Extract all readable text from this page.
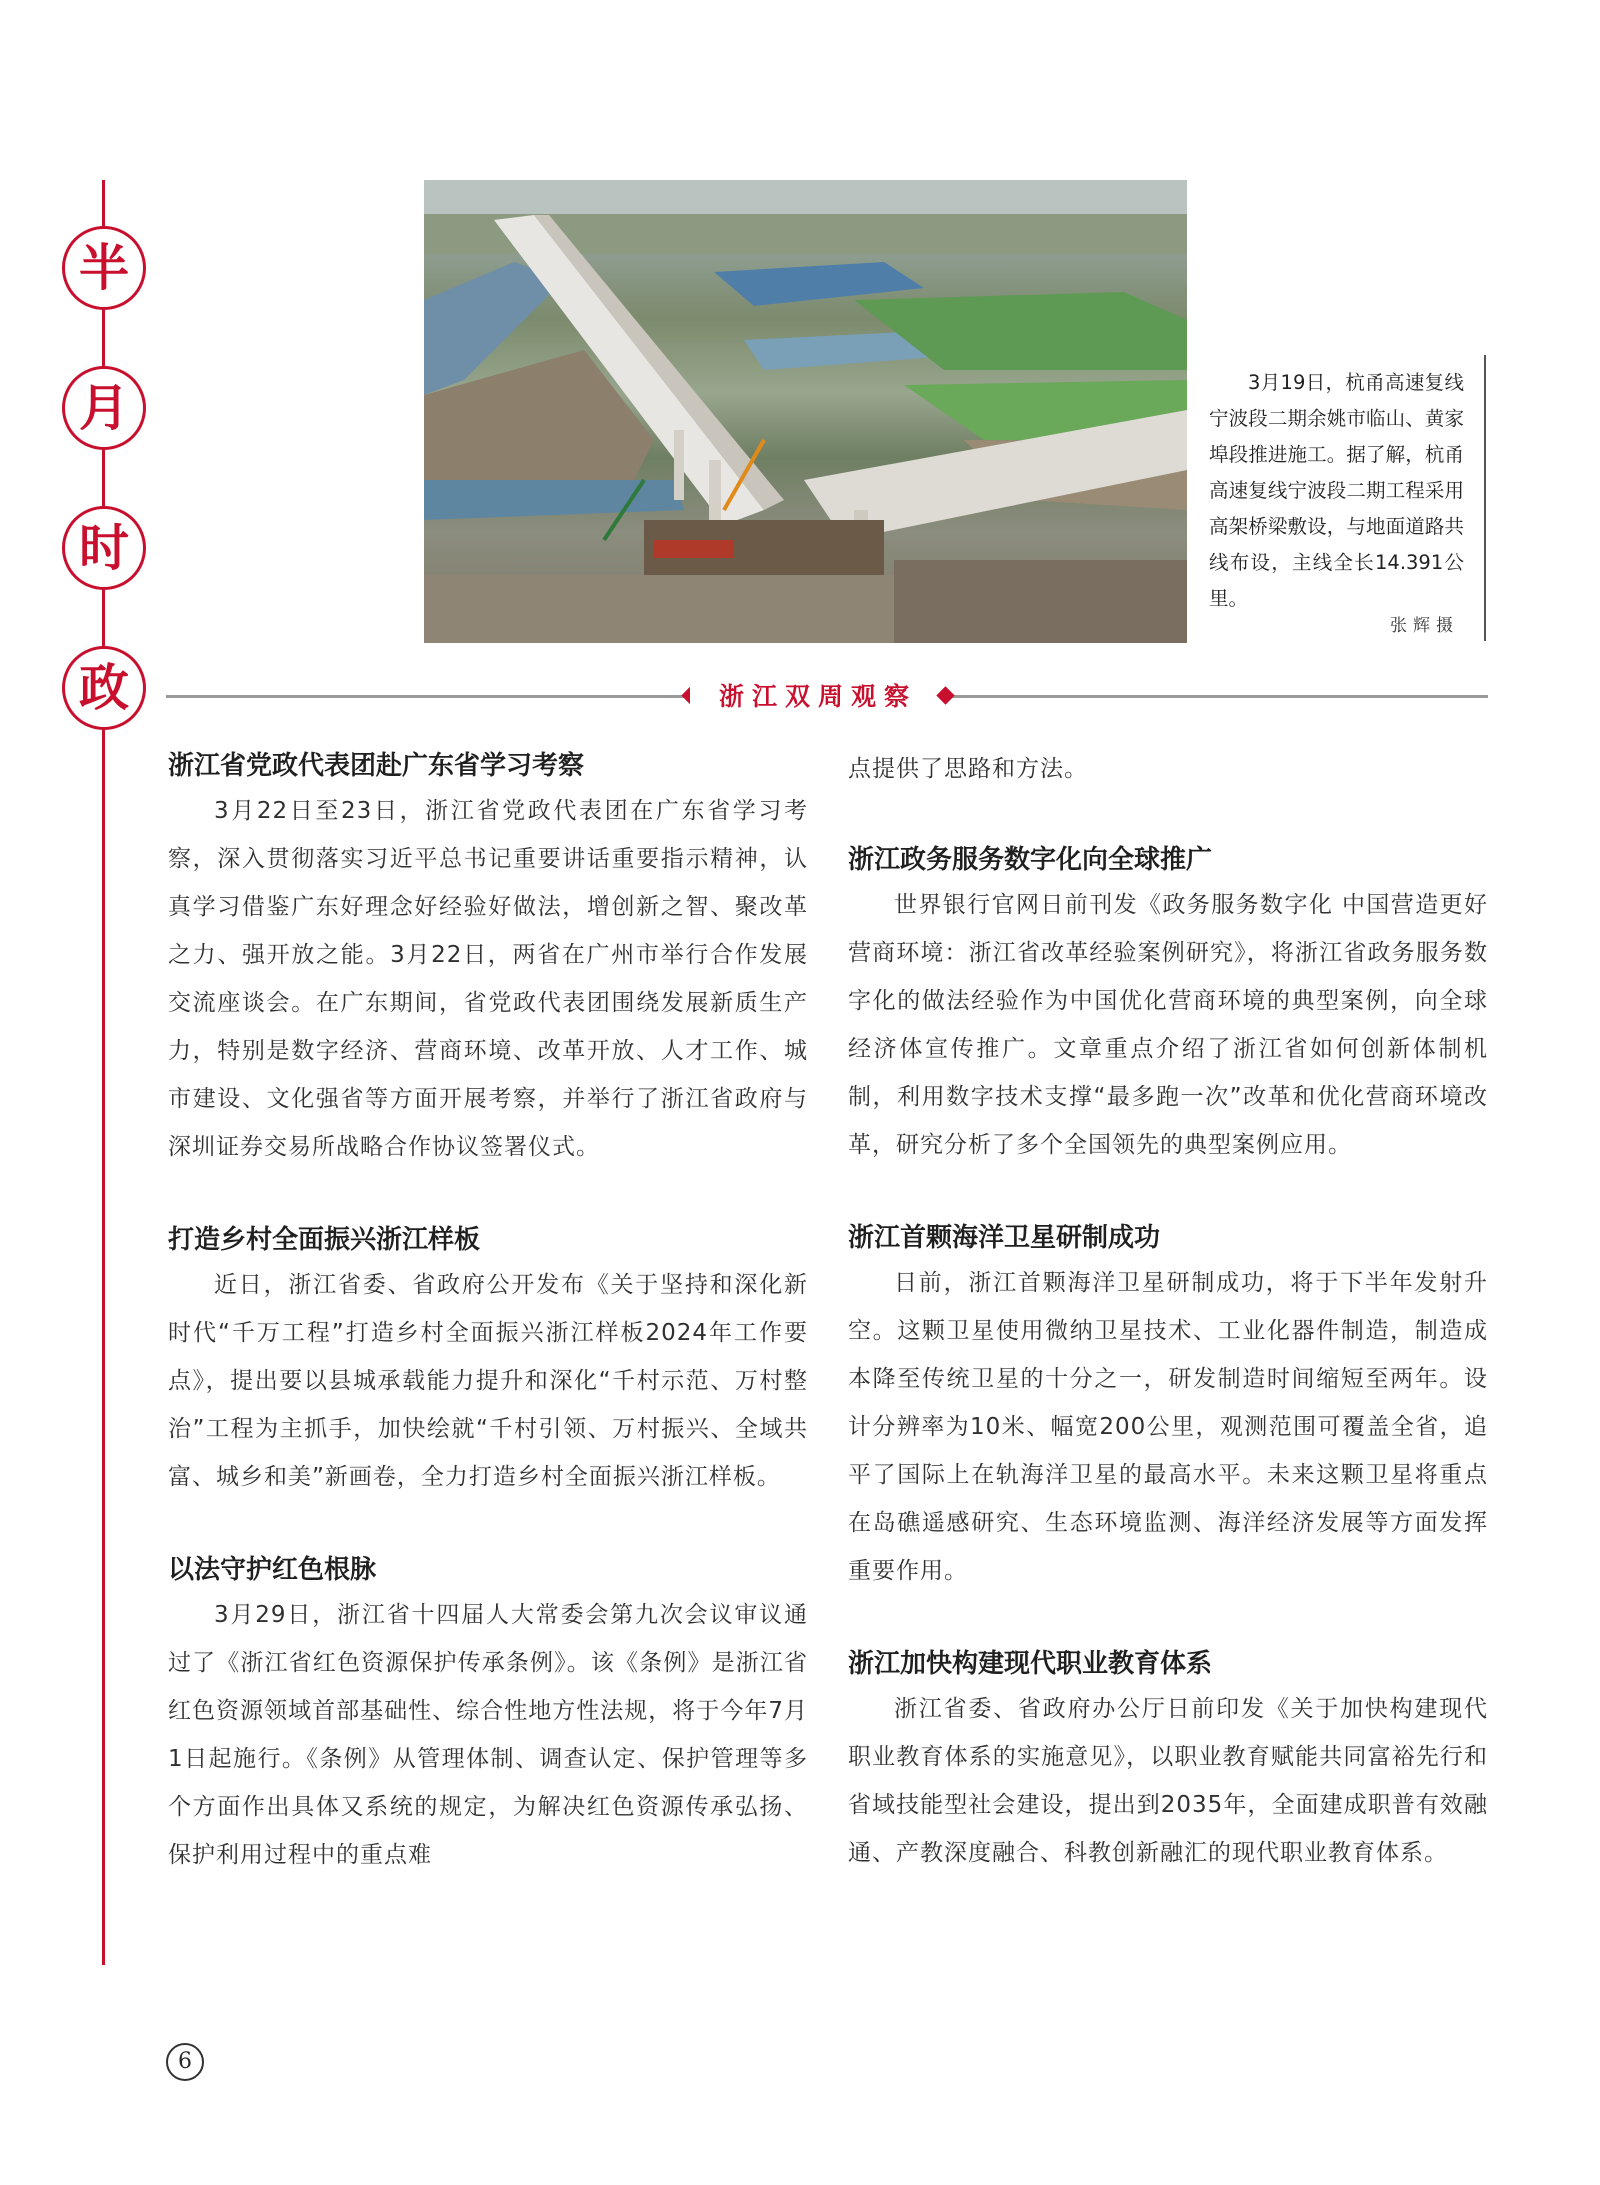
半
月
时
政
3月19日，杭甬高速复线宁波段二期余姚市临山、黄家埠段推进施工。据了解，杭甬高速复线宁波段二期工程采用高架桥梁敷设，与地面道路共线布设，主线全长14.391公里。
张辉摄
浙江双周观察
浙江省党政代表团赴广东省学习考察

3月22日至23日，浙江省党政代表团在广东省学习考察，深入贯彻落实习近平总书记重要讲话重要指示精神，认真学习借鉴广东好理念好经验好做法，增创新之智、聚改革之力、强开放之能。3月22日，两省在广州市举行合作发展交流座谈会。在广东期间，省党政代表团围绕发展新质生产力，特别是数字经济、营商环境、改革开放、人才工作、城市建设、文化强省等方面开展考察，并举行了浙江省政府与深圳证券交易所战略合作协议签署仪式。

打造乡村全面振兴浙江样板

近日，浙江省委、省政府公开发布《关于坚持和深化新时代“千万工程”打造乡村全面振兴浙江样板2024年工作要点》，提出要以县城承载能力提升和深化“千村示范、万村整治”工程为主抓手，加快绘就“千村引领、万村振兴、全域共富、城乡和美”新画卷，全力打造乡村全面振兴浙江样板。

以法守护红色根脉

3月29日，浙江省十四届人大常委会第九次会议审议通过了《浙江省红色资源保护传承条例》。该《条例》是浙江省红色资源领域首部基础性、综合性地方性法规，将于今年7月1日起施行。《条例》从管理体制、调查认定、保护管理等多个方面作出具体又系统的规定，为解决红色资源传承弘扬、保护利用过程中的重点难

点提供了思路和方法。

浙江政务服务数字化向全球推广

世界银行官网日前刊发《政务服务数字化 中国营造更好营商环境：浙江省改革经验案例研究》，将浙江省政务服务数字化的做法经验作为中国优化营商环境的典型案例，向全球经济体宣传推广。文章重点介绍了浙江省如何创新体制机制，利用数字技术支撑“最多跑一次”改革和优化营商环境改革，研究分析了多个全国领先的典型案例应用。

浙江首颗海洋卫星研制成功

日前，浙江首颗海洋卫星研制成功，将于下半年发射升空。这颗卫星使用微纳卫星技术、工业化器件制造，制造成本降至传统卫星的十分之一，研发制造时间缩短至两年。设计分辨率为10米、幅宽200公里，观测范围可覆盖全省，追平了国际上在轨海洋卫星的最高水平。未来这颗卫星将重点在岛礁遥感研究、生态环境监测、海洋经济发展等方面发挥重要作用。

浙江加快构建现代职业教育体系

浙江省委、省政府办公厅日前印发《关于加快构建现代职业教育体系的实施意见》，以职业教育赋能共同富裕先行和省域技能型社会建设，提出到2035年，全面建成职普有效融通、产教深度融合、科教创新融汇的现代职业教育体系。

6
